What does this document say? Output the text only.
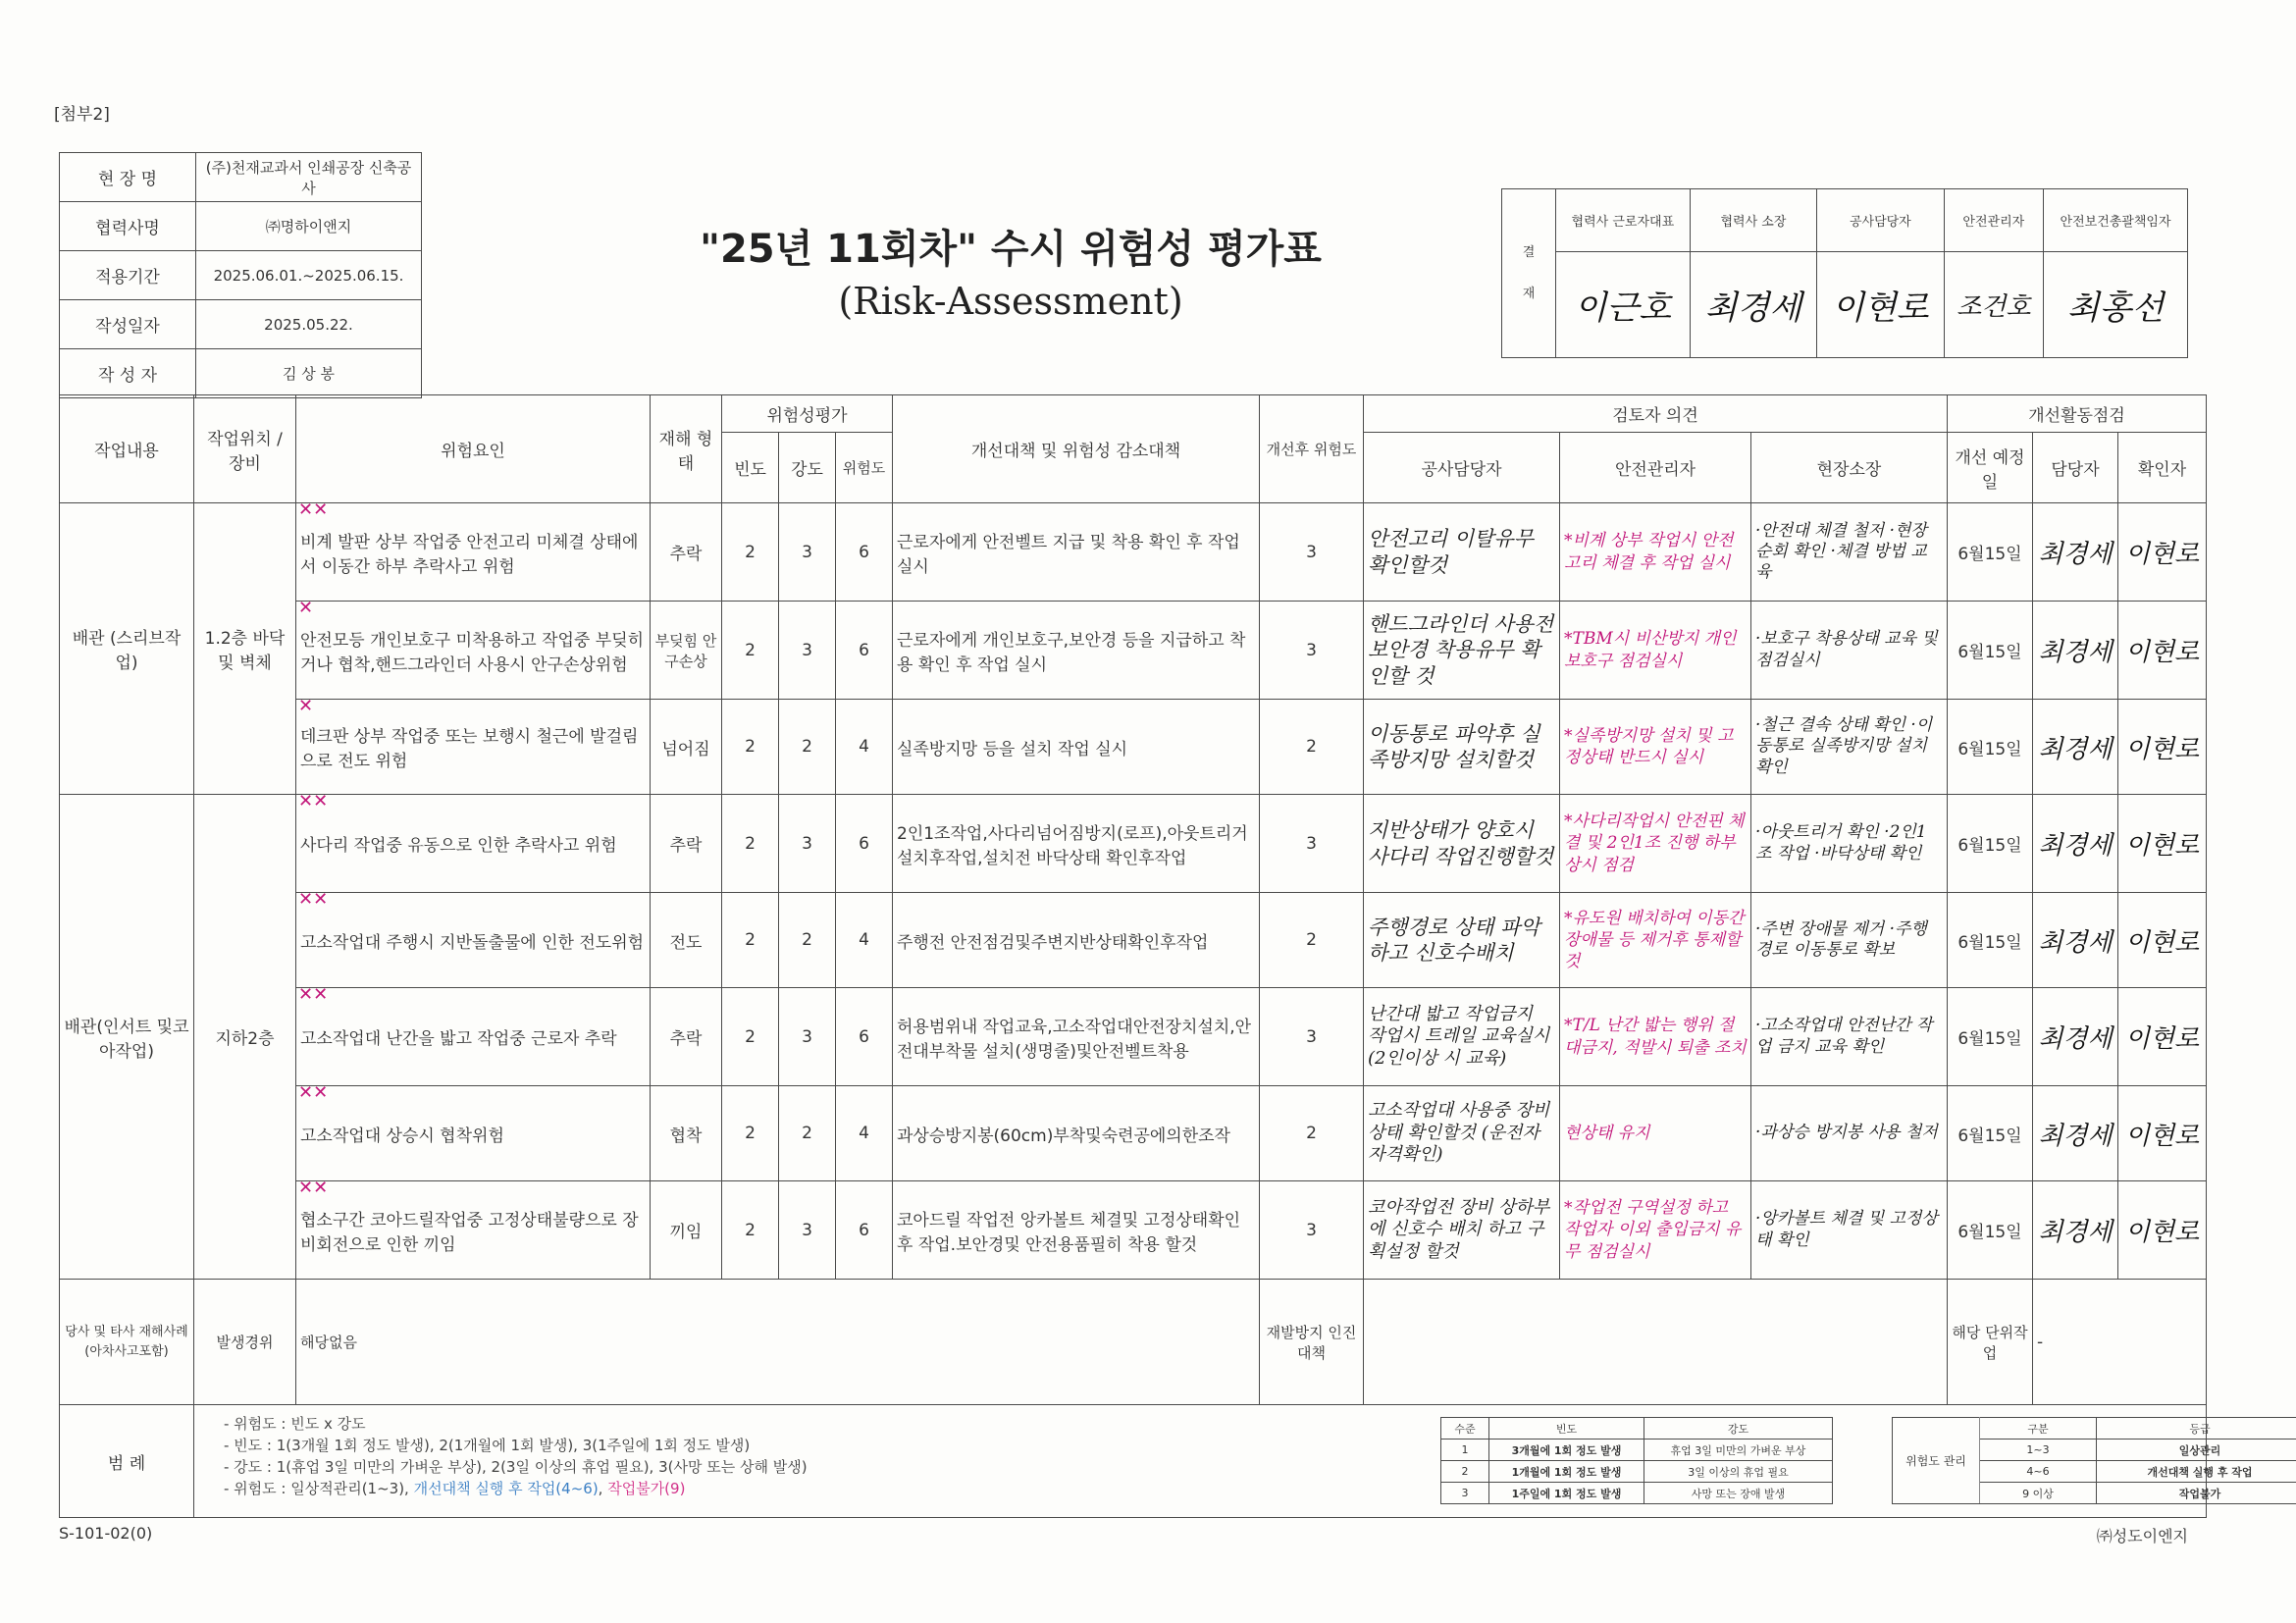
[첨부2]
현 장 명	(주)천재교과서 인쇄공장 신축공사
협력사명	㈜명하이앤지
적용기간	2025.06.01.~2025.06.15.
작성일자	2025.05.22.
작 성 자	김 상 봉
"25년 11회차" 수시 위험성 평가표
(Risk-Assessment)
결
재	협력사 근로자대표	협력사 소장	공사담당자	안전관리자	안전보건총괄책임자
	이근호	최경세	이현로	조건호	최홍선
작업내용	작업위치 / 장비	위험요인	재해 형태	위험성평가	개선대책 및 위험성 감소대책	개선후 위험도	검토자 의견	개선활동점검
빈도	강도	위험도	공사담당자	안전관리자	현장소장	개선 예정일	담당자	확인자
배관 (스리브작업)	1.2층 바닥 및 벽체	
✕✕
비계 발판 상부 작업중 안전고리 미체결 상태에서 이동간 하부 추락사고 위험	추락	2	3	6	근로자에게 안전벨트 지급 및 착용 확인 후 작업 실시	3	안전고리 이탈유무 확인할것	*비계 상부 작업시 안전고리 체결 후 작업 실시	·안전대 체결 철저 ·현장 순회 확인 ·체결 방법 교육	6월15일	최경세	이현로

✕
안전모등 개인보호구 미착용하고 작업중 부딪히거나 협착,핸드그라인더 사용시 안구손상위험	부딪힘 안구손상	2	3	6	근로자에게 개인보호구,보안경 등을 지급하고 착용 확인 후 작업 실시	3	핸드그라인더 사용전 보안경 착용유무 확인할 것	*TBM시 비산방지 개인보호구 점검실시	·보호구 착용상태 교육 및 점검실시	6월15일	최경세	이현로

✕
데크판 상부 작업중 또는 보행시 철근에 발걸림으로 전도 위험	넘어짐	2	2	4	실족방지망 등을 설치 작업 실시	2	이동통로 파악후 실족방지망 설치할것	*실족방지망 설치 및 고정상태 반드시 실시	·철근 결속 상태 확인 ·이동통로 실족방지망 설치확인	6월15일	최경세	이현로
배관(인서트 및코아작업)	지하2층	
✕✕
사다리 작업중 유동으로 인한 추락사고 위험	추락	2	3	6	2인1조작업,사다리넘어짐방지(로프),아웃트리거 설치후작업,설치전 바닥상태 확인후작업	3	지반상태가 양호시 사다리 작업진행할것	*사다리작업시 안전핀 체결 및 2인1조 진행 하부 상시 점검	·아웃트리거 확인 ·2인1조 작업 ·바닥상태 확인	6월15일	최경세	이현로

✕✕
고소작업대 주행시 지반돌출물에 인한 전도위험	전도	2	2	4	주행전 안전점검및주변지반상태확인후작업	2	주행경로 상태 파악하고 신호수배치	*유도원 배치하여 이동간 장애물 등 제거후 통제할것	·주변 장애물 제거 ·주행경로 이동통로 확보	6월15일	최경세	이현로

✕✕
고소작업대 난간을 밟고 작업중 근로자 추락	추락	2	3	6	허용범위내 작업교육,고소작업대안전장치설치,안전대부착물 설치(생명줄)및안전벨트착용	3	난간대 밟고 작업금지 작업시 트레일 교육실시 (2인이상 시 교육)	*T/L 난간 밟는 행위 절대금지, 적발시 퇴출 조치	·고소작업대 안전난간 작업 금지 교육 확인	6월15일	최경세	이현로

✕✕
고소작업대 상승시 협착위험	협착	2	2	4	과상승방지봉(60cm)부착및숙련공에의한조작	2	고소작업대 사용중 장비상태 확인할것 (운전자 자격확인)	현상태 유지	·과상승 방지봉 사용 철저	6월15일	최경세	이현로

✕✕
협소구간 코아드릴작업중 고정상태불량으로 장비회전으로 인한 끼임	끼임	2	3	6	코아드릴 작업전 앙카볼트 체결및 고정상태확인후 작업.보안경및 안전용품필히 착용 할것	3	코아작업전 장비 상하부에 신호수 배치 하고 구획설정 할것	*작업전 구역설정 하고 작업자 이외 출입금지 유무 점검실시	·앙카볼트 체결 및 고정상태 확인	6월15일	최경세	이현로
당사 및 타사 재해사례 (아차사고포함)	발생경위	해당없음	재발방지 인진대책		해당 단위작업	-
범 례	
- 위험도 : 빈도 x 강도
- 빈도 : 1(3개월 1회 정도 발생), 2(1개월에 1회 발생), 3(1주일에 1회 정도 발생)
- 강도 : 1(휴업 3일 미만의 가벼운 부상), 2(3일 이상의 휴업 필요), 3(사망 또는 상해 발생)
- 위험도 : 일상적관리(1~3), 개선대책 실행 후 작업(4~6), 작업불가(9)
수준	빈도	강도
1	3개월에 1회 정도 발생	휴업 3일 미만의 가벼운 부상
2	1개월에 1회 정도 발생	3일 이상의 휴업 필요
3	1주일에 1회 정도 발생	사망 또는 장애 발생
위험도 관리	구분	등급
1~3	일상관리
4~6	개선대책 실행 후 작업
9 이상	작업불가
S-101-02(0)	㈜성도이엔지
